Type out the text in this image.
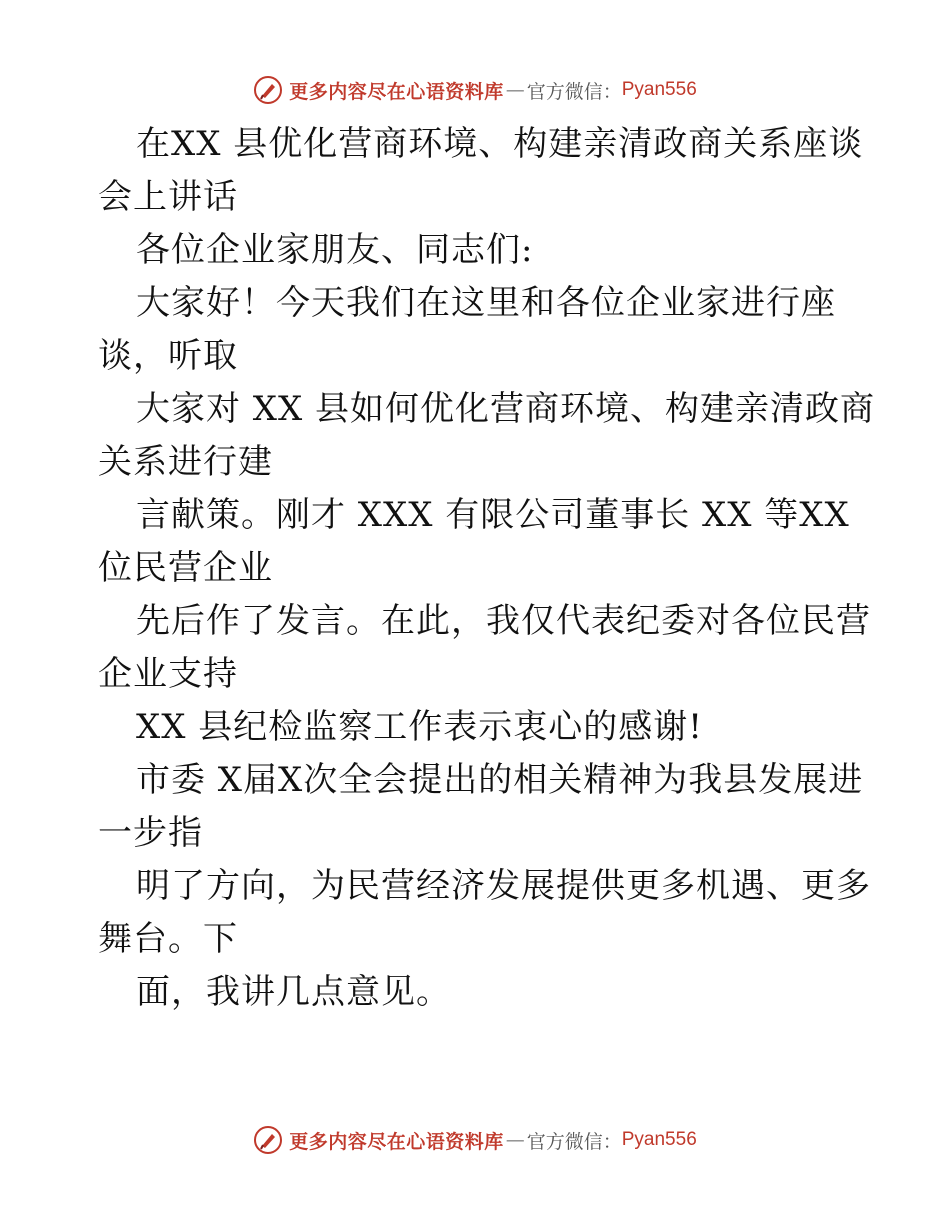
更多内容尽在心语资料库 — 官方微信： Pyan556

在XX 县优化营商环境、构建亲清政商关系座谈

会上讲话

各位企业家朋友、同志们:

大家好！今天我们在这里和各位企业家进行座

谈，听取

大家对 XX 县如何优化营商环境、构建亲清政商

关系进行建

言献策。刚才 XXX 有限公司董事长 XX 等XX

位民营企业

先后作了发言。在此，我仅代表纪委对各位民营

企业支持

XX 县纪检监察工作表示衷心的感谢!

市委 X届X次全会提出的相关精神为我县发展进

一步指

明了方向，为民营经济发展提供更多机遇、更多

舞台。下

面，我讲几点意见。

更多内容尽在心语资料库 — 官方微信： Pyan556
